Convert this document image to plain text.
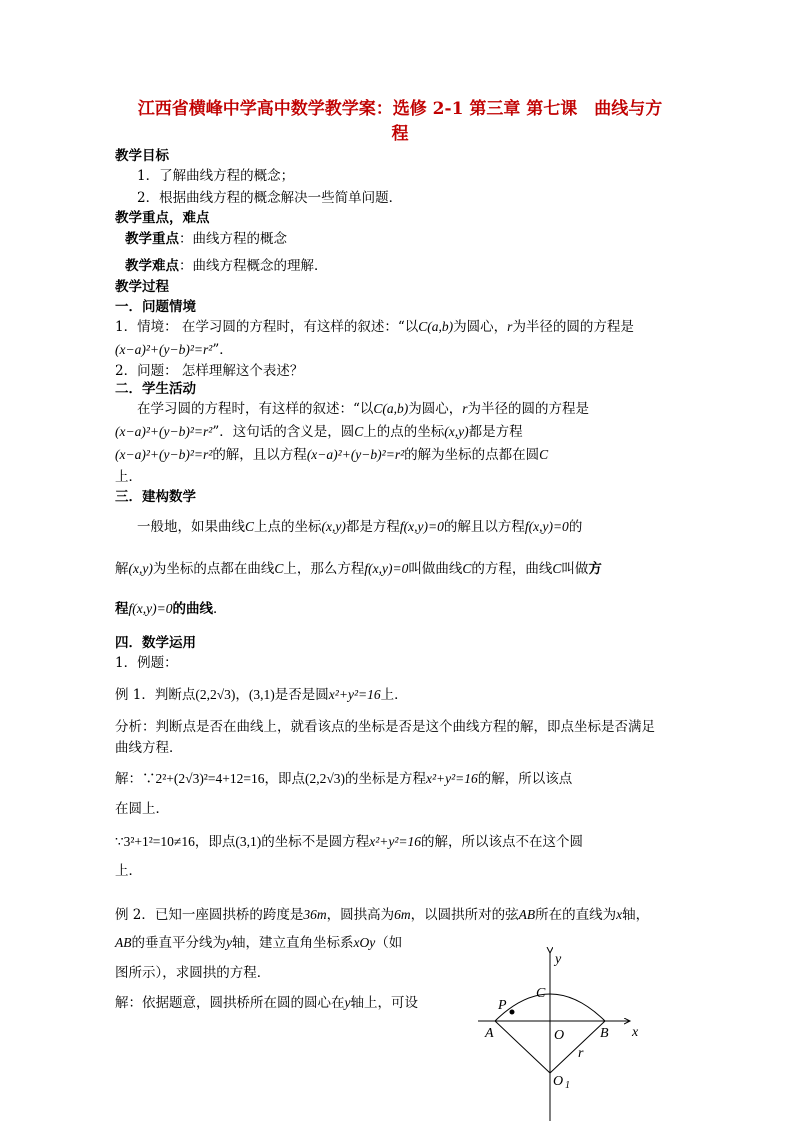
江西省横峰中学高中数学教学案：选修 2-1 第三章 第七课　曲线与方
程
教学目标
1．了解曲线方程的概念；
2．根据曲线方程的概念解决一些简单问题．
教学重点，难点
教学重点：曲线方程的概念
教学难点：曲线方程概念的理解．
教学过程
一．问题情境
1．情境： 在学习圆的方程时，有这样的叙述：“以C(a,b)为圆心，r为半径的圆的方程是
(x−a)²+(y−b)²=r²”．
2．问题： 怎样理解这个表述？
二．学生活动
在学习圆的方程时，有这样的叙述：“以C(a,b)为圆心，r为半径的圆的方程是
(x−a)²+(y−b)²=r²”．这句话的含义是，圆C上的点的坐标(x,y)都是方程
(x−a)²+(y−b)²=r²的解，且以方程(x−a)²+(y−b)²=r²的解为坐标的点都在圆C
上．
三．建构数学
一般地，如果曲线C上点的坐标(x,y)都是方程f(x,y)=0的解且以方程f(x,y)=0的
解(x,y)为坐标的点都在曲线C上，那么方程f(x,y)=0叫做曲线C的方程，曲线C叫做方
程f(x,y)=0的曲线．
四．数学运用
1．例题：
例 1．判断点(2,2√3)，(3,1)是否是圆x²+y²=16上．
分析：判断点是否在曲线上，就看该点的坐标是否是这个曲线方程的解，即点坐标是否满足
曲线方程．
解：∵2²+(2√3)²=4+12=16，即点(2,2√3)的坐标是方程x²+y²=16的解，所以该点
在圆上．
∵3²+1²=10≠16，即点(3,1)的坐标不是圆方程x²+y²=16的解，所以该点不在这个圆
上．
例 2．已知一座圆拱桥的跨度是36m，圆拱高为6m，以圆拱所对的弦AB所在的直线为x轴，
AB的垂直平分线为y轴，建立直角坐标系xOy（如
图所示），求圆拱的方程．
解：依据题意，圆拱桥所在圆的圆心在y轴上，可设
y
x
C
P
A	O	B
r
O 1
